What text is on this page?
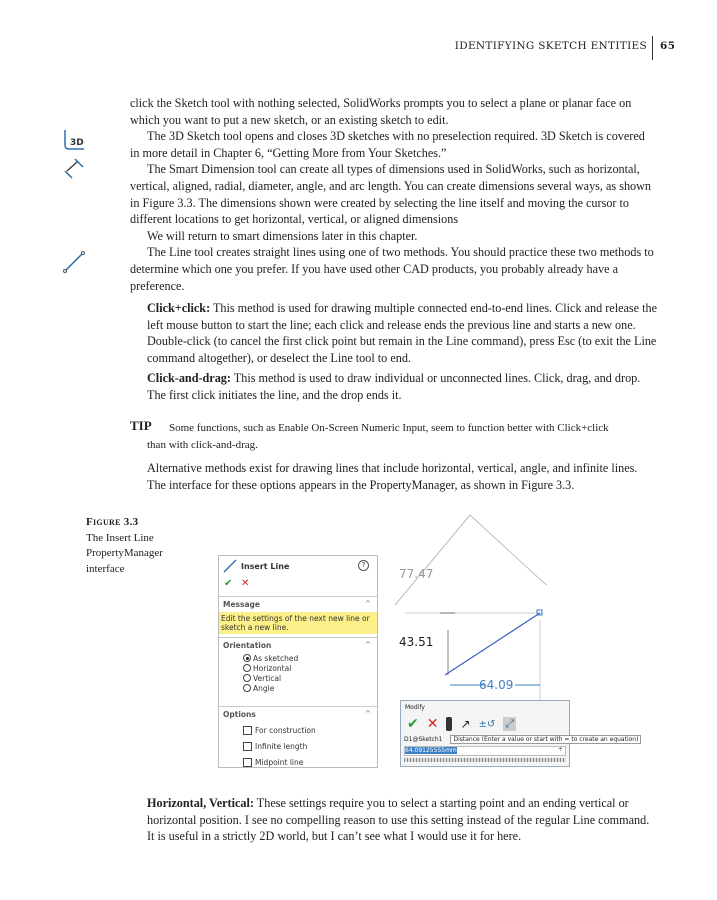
IDENTIFYING SKETCH ENTITIES 65
3D

click the Sketch tool with nothing selected, SolidWorks prompts you to select a plane or planar face on which you want to put a new sketch, or an existing sketch to edit.

The 3D Sketch tool opens and closes 3D sketches with no preselection required. 3D Sketch is covered in more detail in Chapter 6, “Getting More from Your Sketches.”

The Smart Dimension tool can create all types of dimensions used in SolidWorks, such as horizontal, vertical, aligned, radial, diameter, angle, and arc length. You can create dimensions several ways, as shown in Figure 3.3. The dimensions shown were created by selecting the line itself and moving the cursor to different locations to get horizontal, vertical, or aligned dimensions

We will return to smart dimensions later in this chapter.

The Line tool creates straight lines using one of two methods. You should practice these two methods to determine which one you prefer. If you have used other CAD products, you probably already have a preference.

Click+click: This method is used for drawing multiple connected end-to-end lines. Click and release the left mouse button to start the line; each click and release ends the previous line and starts a new one. Double-click (to cancel the first click point but remain in the Line command), press Esc (to exit the Line command altogether), or deselect the Line tool to end.
Click-and-drag: This method is used to draw individual or unconnected lines. Click, drag, and drop. The first click initiates the line, and the drop ends it.
TIP	Some functions, such as Enable On-Screen Numeric Input, seem to function better with Click+click than with click-and-drag.
Alternative methods exist for drawing lines that include horizontal, vertical, angle, and infinite lines. The interface for these options appears in the PropertyManager, as shown in Figure 3.3.
Figure 3.3
The Insert Line PropertyManager interface	Insert Line	?
✔ ✕
Message	^
Edit the settings of the next new line or sketch a new line.
Orientation	^
As sketched
Horizontal
Vertical
Angle
Options	^
For construction
Infinite length
Midpoint line
77.47
43.51
64.09
Modify
✔ ✕ ↗ ±↺ ⤢
D1@Sketch1	Distance (Enter a value or start with = to create an equation)
64.09125555mm	÷
Horizontal, Vertical: These settings require you to select a starting point and an ending vertical or horizontal position. I see no compelling reason to use this setting instead of the regular Line command. It is useful in a strictly 2D world, but I can’t see what I would use it for here.
